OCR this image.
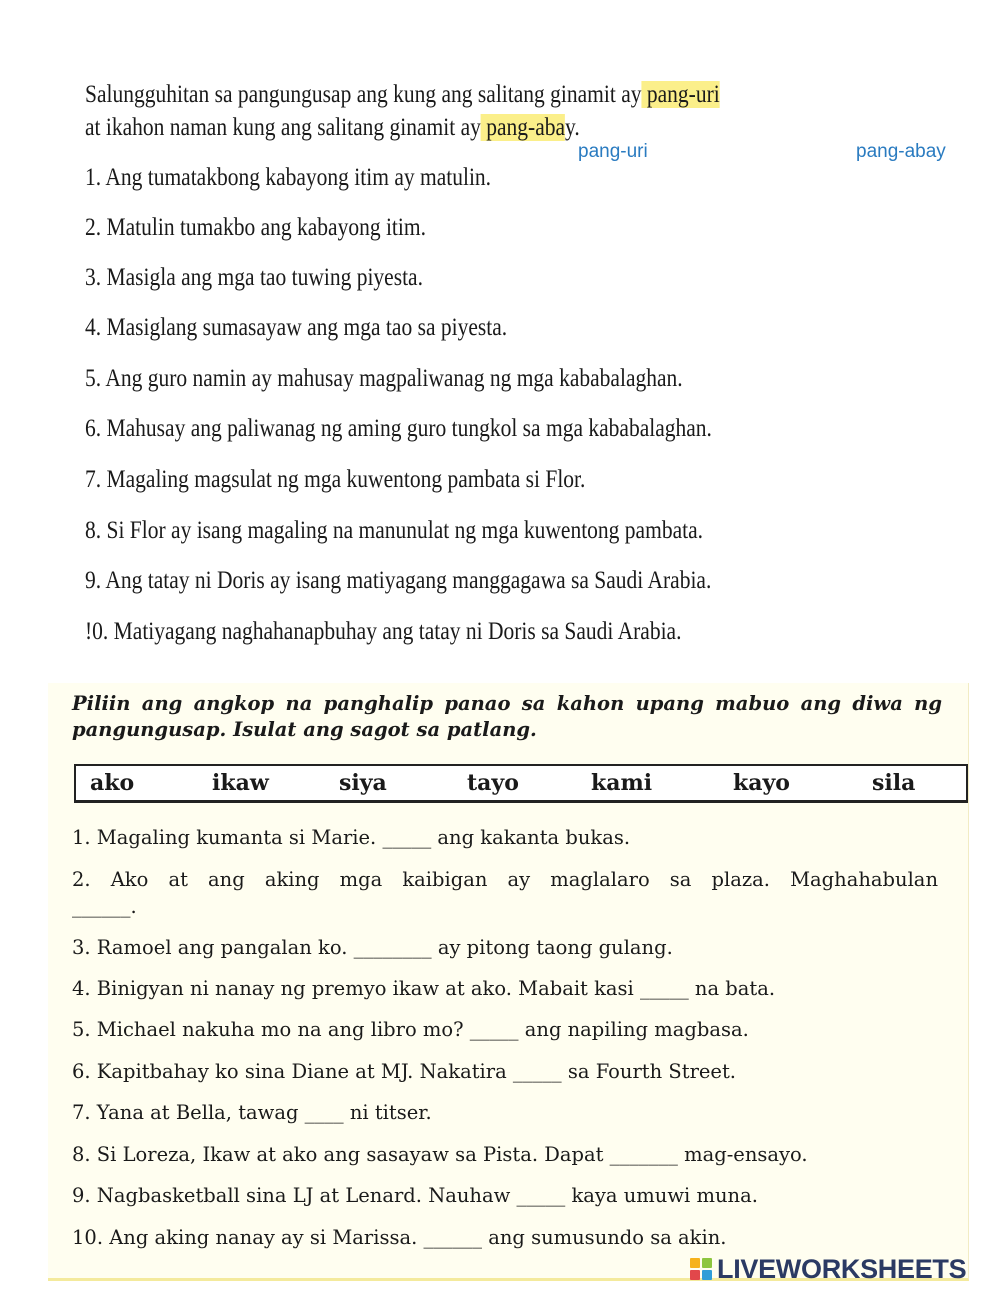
Salungguhitan sa pangungusap ang kung ang salitang ginamit ay pang-uri
at ikahon naman kung ang salitang ginamit ay pang-abay.
pang-uri	pang-abay
1. Ang tumatakbong kabayong itim ay matulin.
2. Matulin tumakbo ang kabayong itim.
3. Masigla ang mga tao tuwing piyesta.
4. Masiglang sumasayaw ang mga tao sa piyesta.
5. Ang guro namin ay mahusay magpaliwanag ng mga kababalaghan.
6. Mahusay ang paliwanag ng aming guro tungkol sa mga kababalaghan.
7. Magaling magsulat ng mga kuwentong pambata si Flor.
8. Si Flor ay isang magaling na manunulat ng mga kuwentong pambata.
9. Ang tatay ni Doris ay isang matiyagang manggagawa sa Saudi Arabia.
!0. Matiyagang naghahanapbuhay ang tatay ni Doris sa Saudi Arabia.
Piliin ang angkop na panghalip panao sa kahon upang mabuo ang diwa ng pangungusap. Isulat ang sagot sa patlang.
ako	ikaw	siya	tayo	kami	kayo	sila
1. Magaling kumanta si Marie. _____ ang kakanta bukas.
2. Ako at ang aking mga kaibigan ay maglalaro sa plaza. Maghahabulan
______.
3. Ramoel ang pangalan ko. ________ ay pitong taong gulang.
4. Binigyan ni nanay ng premyo ikaw at ako. Mabait kasi _____ na bata.
5. Michael nakuha mo na ang libro mo? _____ ang napiling magbasa.
6. Kapitbahay ko sina Diane at MJ. Nakatira _____ sa Fourth Street.
7. Yana at Bella, tawag ____ ni titser.
8. Si Loreza, Ikaw at ako ang sasayaw sa Pista. Dapat _______ mag-ensayo.
9. Nagbasketball sina LJ at Lenard. Nauhaw _____ kaya umuwi muna.
10. Ang aking nanay ay si Marissa. ______ ang sumusundo sa akin.
LIVEWORKSHEETS
